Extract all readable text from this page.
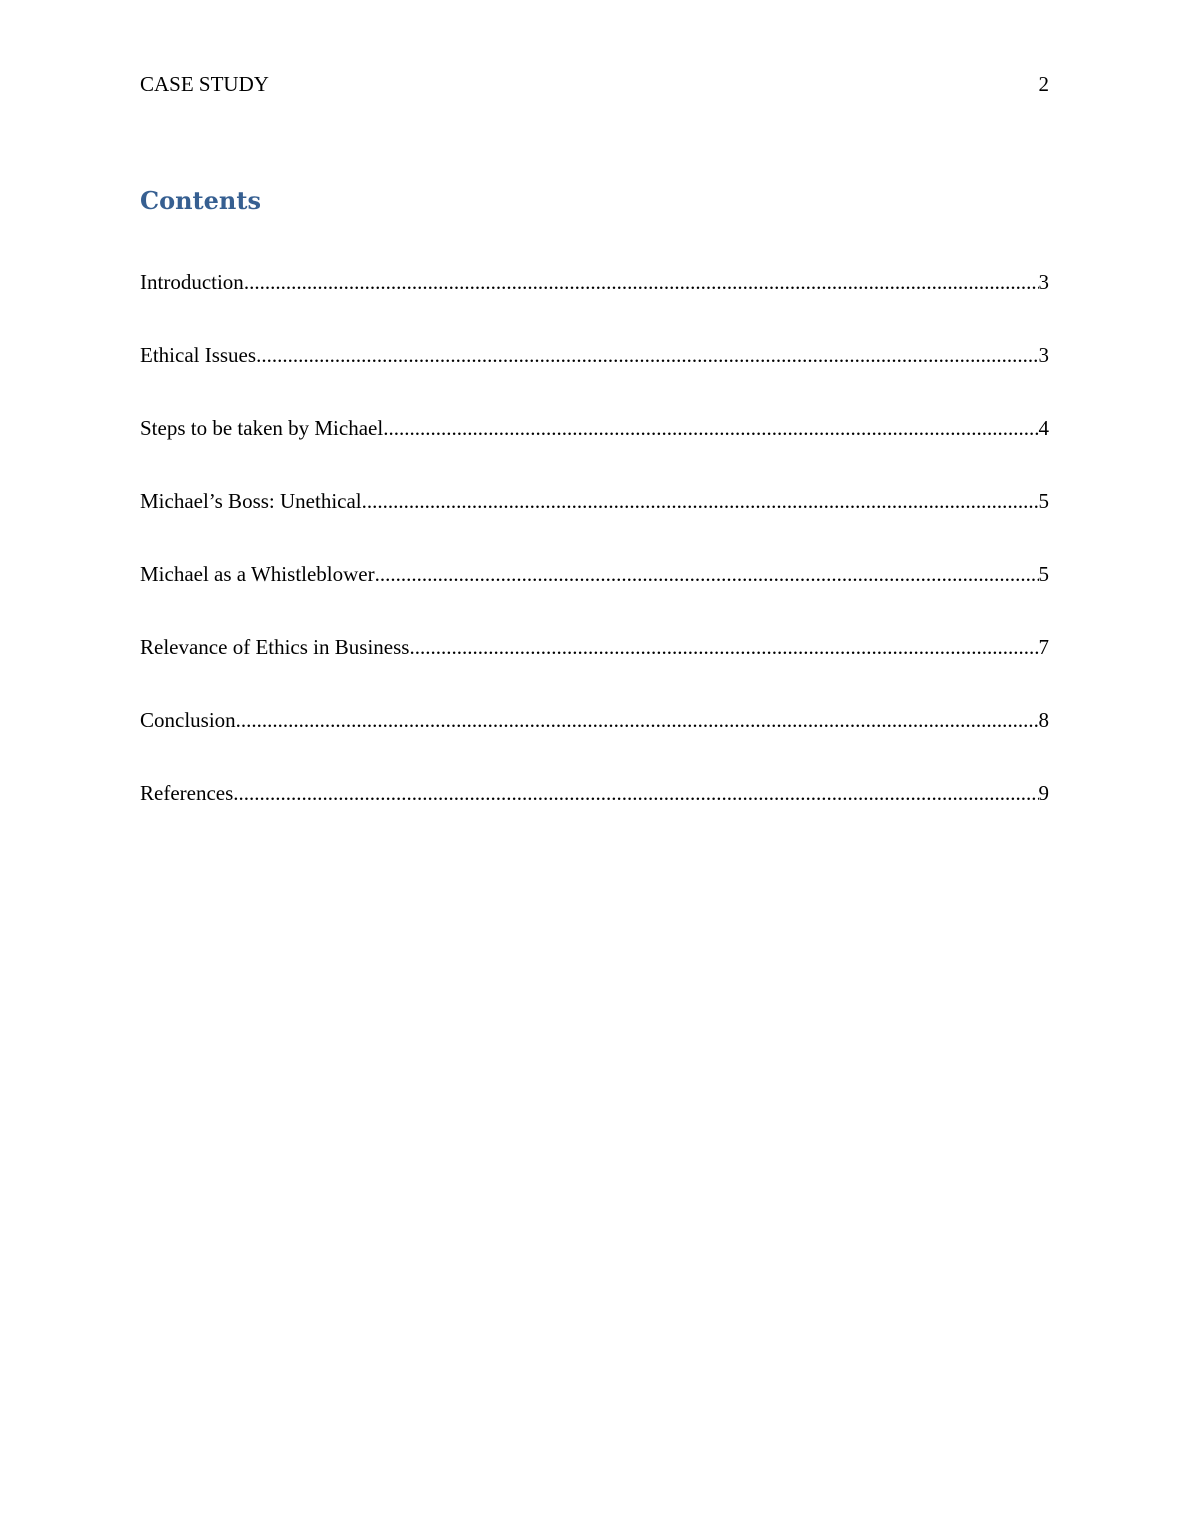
CASE STUDY	2
Contents
Introduction .....	3
Ethical Issues .....	3
Steps to be taken by Michael .....	4
Michael’s Boss: Unethical .....	5
Michael as a Whistleblower .....	5
Relevance of Ethics in Business .....	7
Conclusion .....	8
References .....	9
